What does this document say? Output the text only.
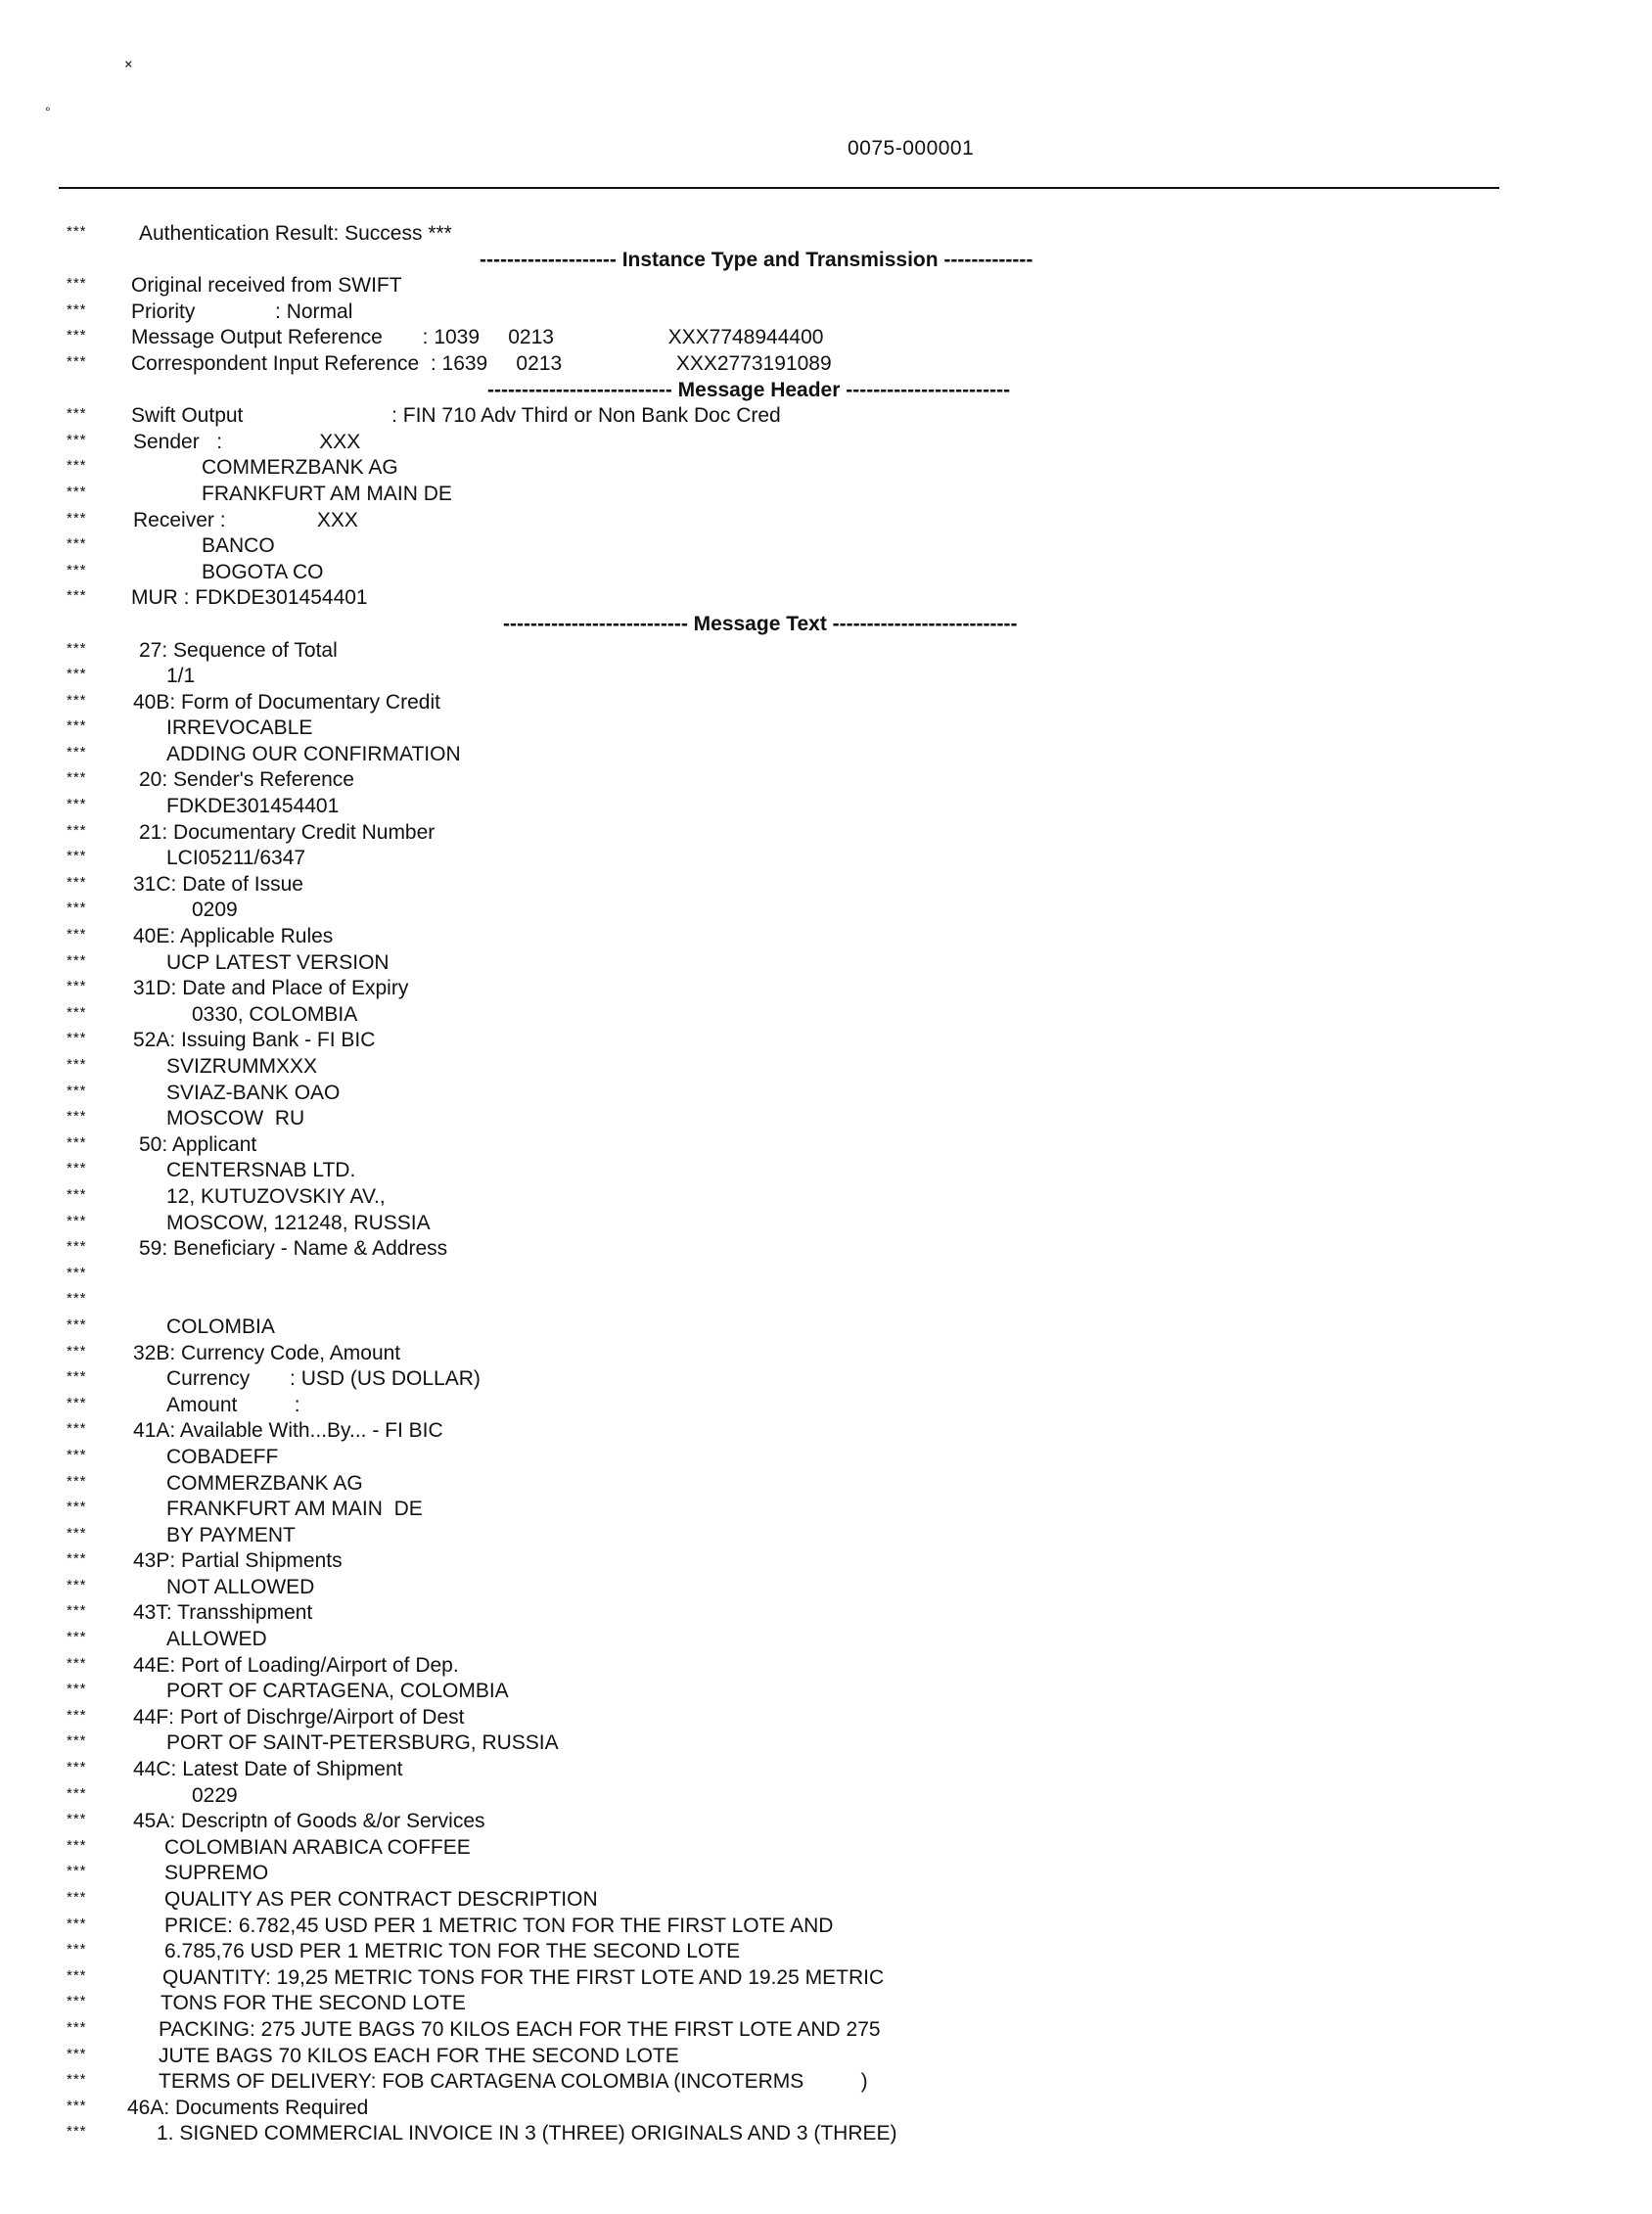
 ˟
°
0075-000001
***	Authentication Result: Success ***
-------------------- Instance Type and Transmission -------------
*** Original received from SWIFT
*** Priority              : Normal
*** Message Output Reference       : 1039     0213                    XXX7748944400
*** Correspondent Input Reference  : 1639     0213                    XXX2773191089
--------------------------- Message Header ------------------------
*** Swift Output                          : FIN 710 Adv Third or Non Bank Doc Cred
*** Sender   :                 XXX
***	COMMERZBANK AG
***	FRANKFURT AM MAIN DE
*** Receiver :                XXX
***	BANCO
***	BOGOTA CO
*** MUR : FDKDE301454401
--------------------------- Message Text ---------------------------
***	27: Sequence of Total
***	1/1
*** 40B: Form of Documentary Credit
***	IRREVOCABLE
***	ADDING OUR CONFIRMATION
***	20: Sender's Reference
***	FDKDE301454401
***	21: Documentary Credit Number
***	LCI05211/6347
*** 31C: Date of Issue
***	0209
*** 40E: Applicable Rules
***	UCP LATEST VERSION
*** 31D: Date and Place of Expiry
***	0330, COLOMBIA
*** 52A: Issuing Bank - FI BIC
***	SVIZRUMMXXX
***	SVIAZ-BANK OAO
***	MOSCOW  RU
***	50: Applicant
***	CENTERSNAB LTD.
***	12, KUTUZOVSKIY AV.,
***	MOSCOW, 121248, RUSSIA
***	59: Beneficiary - Name & Address
***
***
***	COLOMBIA
*** 32B: Currency Code, Amount
***	Currency       : USD (US DOLLAR)
***	Amount          :
*** 41A: Available With...By... - FI BIC
***	COBADEFF
***	COMMERZBANK AG
***	FRANKFURT AM MAIN  DE
***	BY PAYMENT
*** 43P: Partial Shipments
***	NOT ALLOWED
*** 43T: Transshipment
***	ALLOWED
*** 44E: Port of Loading/Airport of Dep.
***	PORT OF CARTAGENA, COLOMBIA
*** 44F: Port of Dischrge/Airport of Dest
***	PORT OF SAINT-PETERSBURG, RUSSIA
*** 44C: Latest Date of Shipment
***	0229
*** 45A: Descriptn of Goods &/or Services
***	COLOMBIAN ARABICA COFFEE
***	SUPREMO
***	QUALITY AS PER CONTRACT DESCRIPTION
***	PRICE: 6.782,45 USD PER 1 METRIC TON FOR THE FIRST LOTE AND
***	6.785,76 USD PER 1 METRIC TON FOR THE SECOND LOTE
***	QUANTITY: 19,25 METRIC TONS FOR THE FIRST LOTE AND 19.25 METRIC
***	TONS FOR THE SECOND LOTE
***	PACKING: 275 JUTE BAGS 70 KILOS EACH FOR THE FIRST LOTE AND 275
***	JUTE BAGS 70 KILOS EACH FOR THE SECOND LOTE
***	TERMS OF DELIVERY: FOB CARTAGENA COLOMBIA (INCOTERMS          )
*** 46A: Documents Required
***	1. SIGNED COMMERCIAL INVOICE IN 3 (THREE) ORIGINALS AND 3 (THREE)
